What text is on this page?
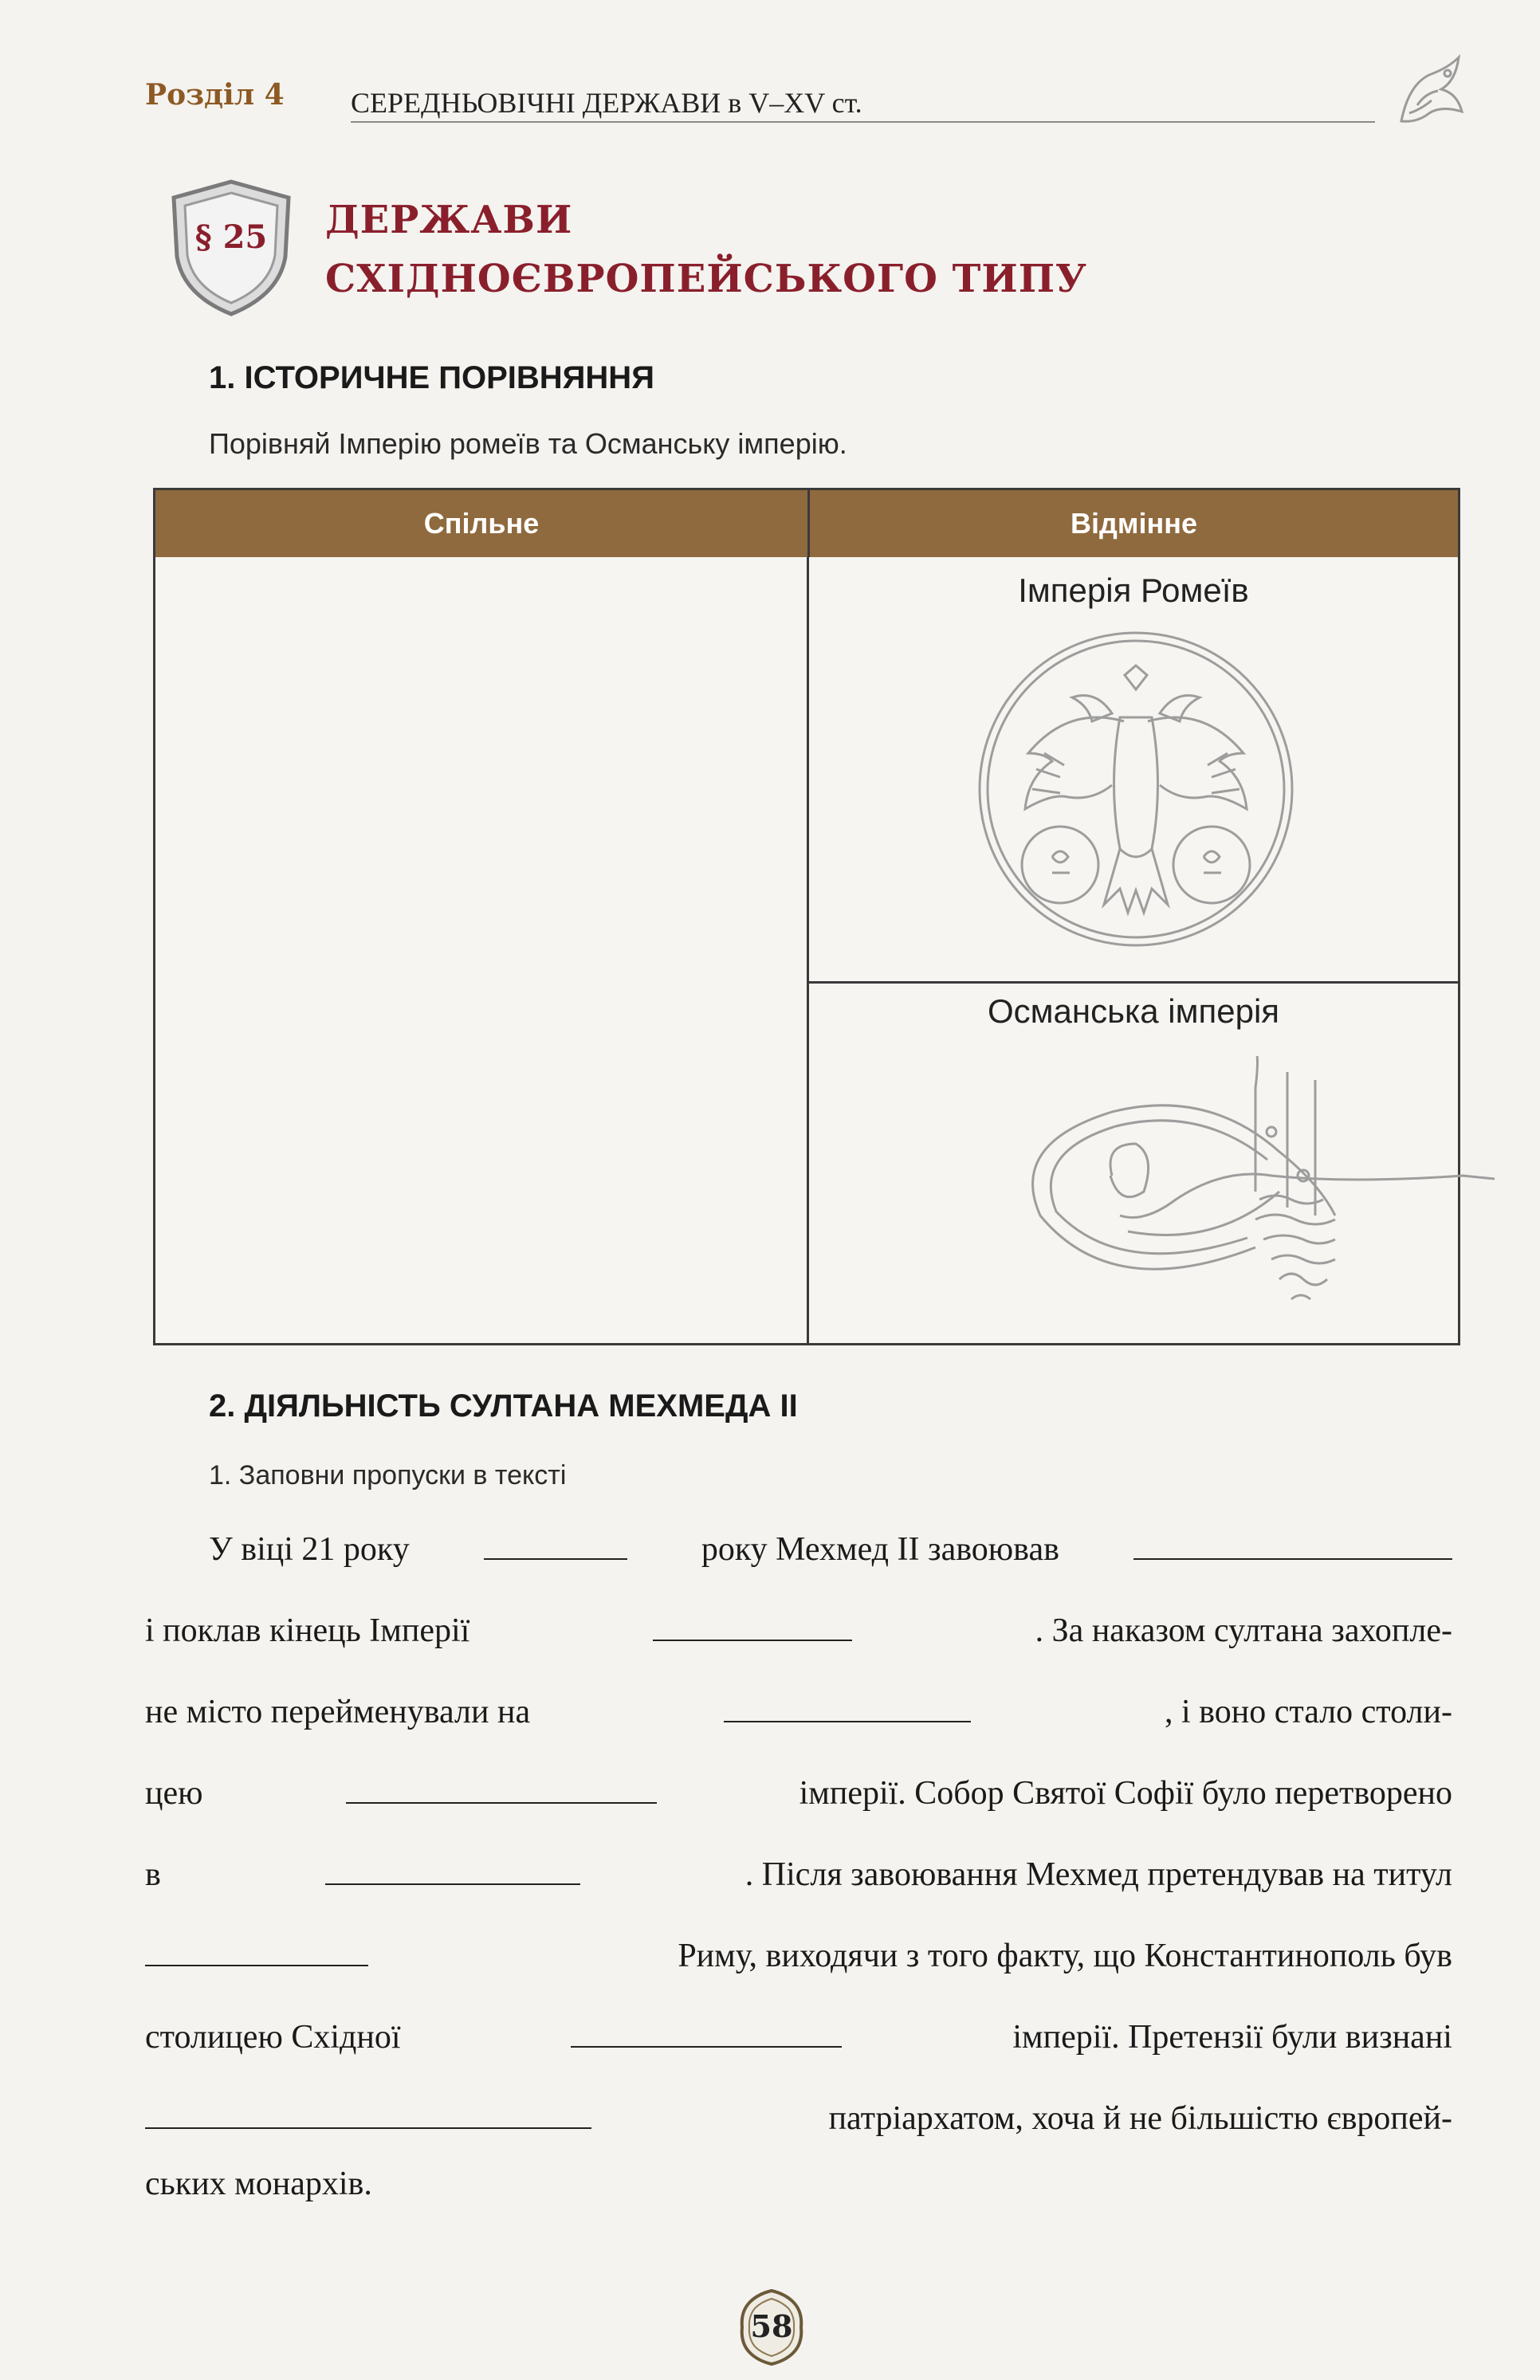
Розділ 4 СЕРЕДНЬОВІЧНІ ДЕРЖАВИ в V–XV ст.
§ 25	ДЕРЖАВИ
СХІДНОЄВРОПЕЙСЬКОГО ТИПУ
1. ІСТОРИЧНЕ ПОРІВНЯННЯ
Порівняй Імперію ромеїв та Османську імперію.
Спільне	Відмінне
Імперія Ромеїв
Османська імперія
2. ДІЯЛЬНІСТЬ СУЛТАНА МЕХМЕДА II
1. Заповни пропуски в тексті
У віці 21 року	року Мехмед II завоював
і поклав кінець Імперії	. За наказом султана захопле-
не місто перейменували на	, і воно стало столи-
цею	імперії. Собор Святої Софії було перетворено
в	. Після завоювання Мехмед претендував на титул
Риму, виходячи з того факту, що Константинополь був
столицею Східної	імперії. Претензії були визнані
патріархатом, хоча й не більшістю європей-
ських монархів.
58
